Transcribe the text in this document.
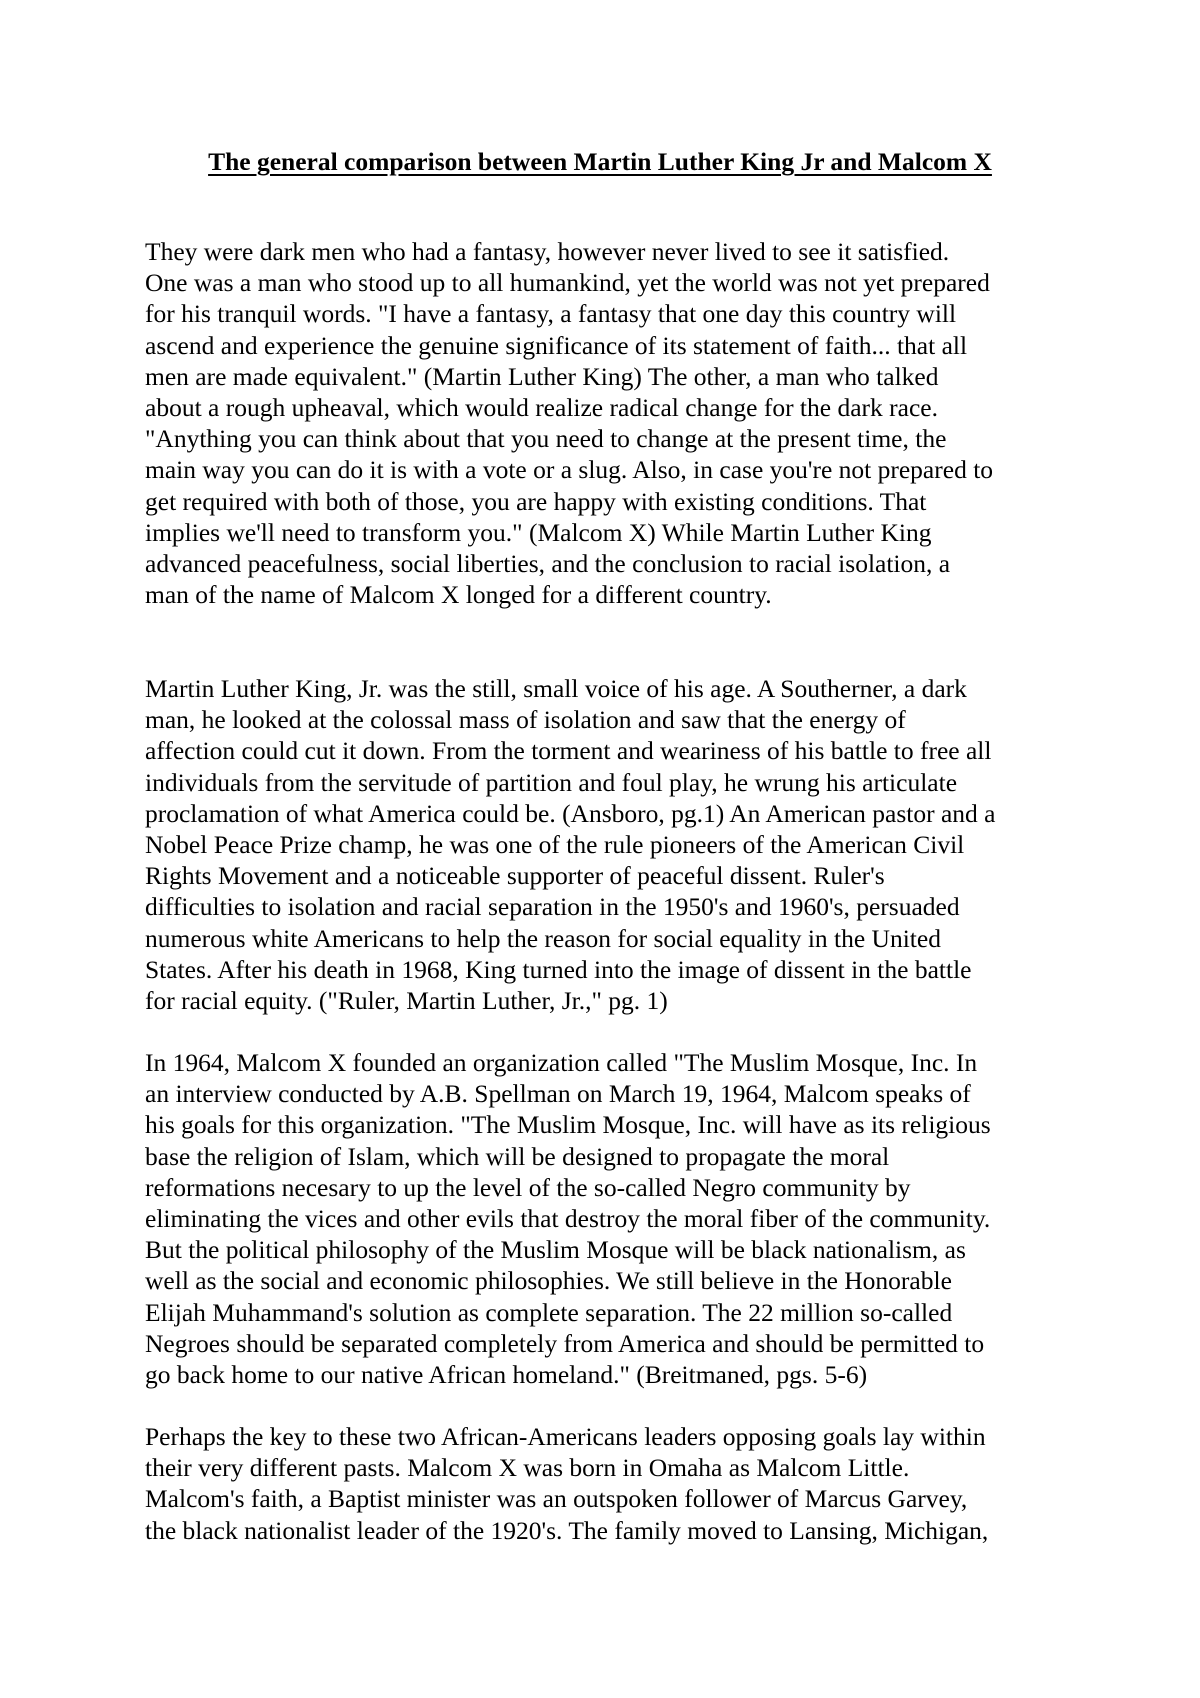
The general comparison between Martin Luther King Jr and Malcom X
They were dark men who had a fantasy, however never lived to see it satisfied.
One was a man who stood up to all humankind, yet the world was not yet prepared
for his tranquil words. "I have a fantasy, a fantasy that one day this country will
ascend and experience the genuine significance of its statement of faith... that all
men are made equivalent." (Martin Luther King) The other, a man who talked
about a rough upheaval, which would realize radical change for the dark race.
"Anything you can think about that you need to change at the present time, the
main way you can do it is with a vote or a slug. Also, in case you're not prepared to
get required with both of those, you are happy with existing conditions. That
implies we'll need to transform you." (Malcom X) While Martin Luther King
advanced peacefulness, social liberties, and the conclusion to racial isolation, a
man of the name of Malcom X longed for a different country.
Martin Luther King, Jr. was the still, small voice of his age. A Southerner, a dark
man, he looked at the colossal mass of isolation and saw that the energy of
affection could cut it down. From the torment and weariness of his battle to free all
individuals from the servitude of partition and foul play, he wrung his articulate
proclamation of what America could be. (Ansboro, pg.1) An American pastor and a
Nobel Peace Prize champ, he was one of the rule pioneers of the American Civil
Rights Movement and a noticeable supporter of peaceful dissent. Ruler's
difficulties to isolation and racial separation in the 1950's and 1960's, persuaded
numerous white Americans to help the reason for social equality in the United
States. After his death in 1968, King turned into the image of dissent in the battle
for racial equity. ("Ruler, Martin Luther, Jr.," pg. 1)
In 1964, Malcom X founded an organization called "The Muslim Mosque, Inc. In
an interview conducted by A.B. Spellman on March 19, 1964, Malcom speaks of
his goals for this organization. "The Muslim Mosque, Inc. will have as its religious
base the religion of Islam, which will be designed to propagate the moral
reformations necesary to up the level of the so-called Negro community by
eliminating the vices and other evils that destroy the moral fiber of the community.
But the political philosophy of the Muslim Mosque will be black nationalism, as
well as the social and economic philosophies. We still believe in the Honorable
Elijah Muhammand's solution as complete separation. The 22 million so-called
Negroes should be separated completely from America and should be permitted to
go back home to our native African homeland." (Breitmaned, pgs. 5-6)
Perhaps the key to these two African-Americans leaders opposing goals lay within
their very different pasts. Malcom X was born in Omaha as Malcom Little.
Malcom's faith, a Baptist minister was an outspoken follower of Marcus Garvey,
the black nationalist leader of the 1920's. The family moved to Lansing, Michigan,
